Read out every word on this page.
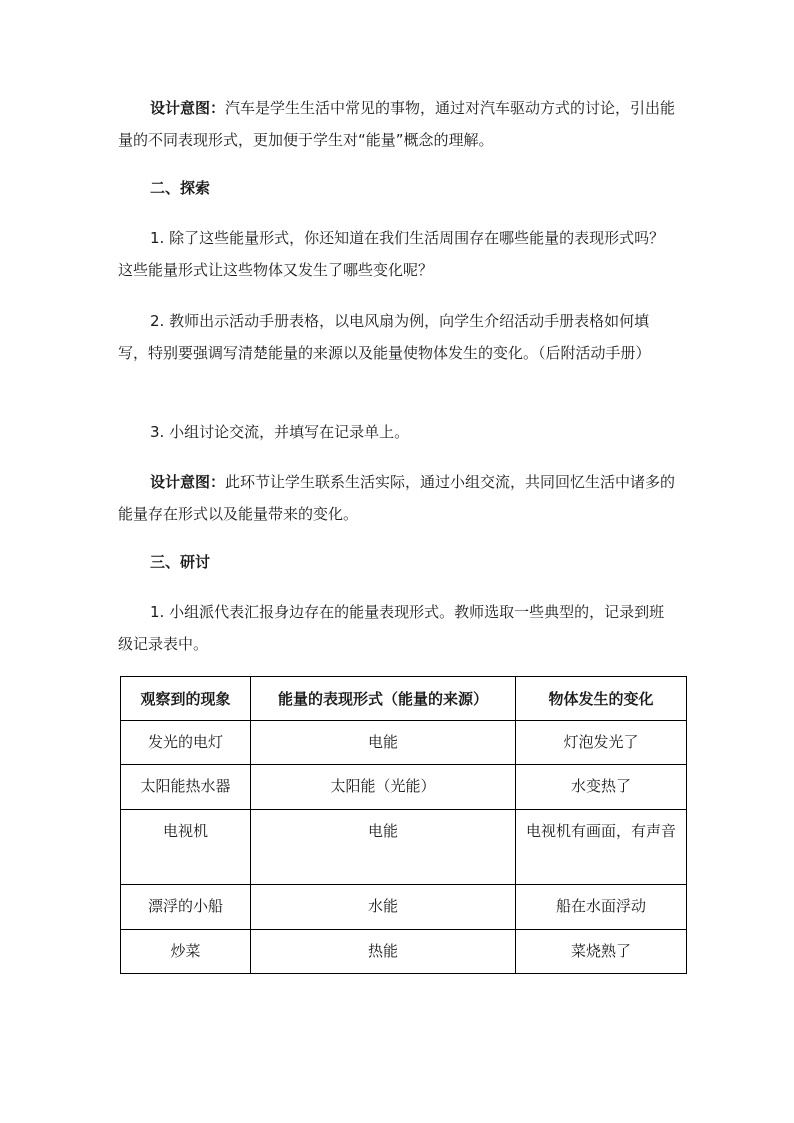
设计意图：汽车是学生生活中常见的事物，通过对汽车驱动方式的讨论，引出能量的不同表现形式，更加便于学生对“能量”概念的理解。

二、探索

1. 除了这些能量形式，你还知道在我们生活周围存在哪些能量的表现形式吗？这些能量形式让这些物体又发生了哪些变化呢？

2. 教师出示活动手册表格，以电风扇为例，向学生介绍活动手册表格如何填写，特别要强调写清楚能量的来源以及能量使物体发生的变化。（后附活动手册）

3. 小组讨论交流，并填写在记录单上。

设计意图：此环节让学生联系生活实际，通过小组交流，共同回忆生活中诸多的能量存在形式以及能量带来的变化。

三、研讨

1. 小组派代表汇报身边存在的能量表现形式。教师选取一些典型的，记录到班级记录表中。

观察到的现象	能量的表现形式（能量的来源）	物体发生的变化
发光的电灯	电能	灯泡发光了
太阳能热水器	太阳能（光能）	水变热了
电视机	电能	电视机有画面，有声音
漂浮的小船	水能	船在水面浮动
炒菜	热能	菜烧熟了
